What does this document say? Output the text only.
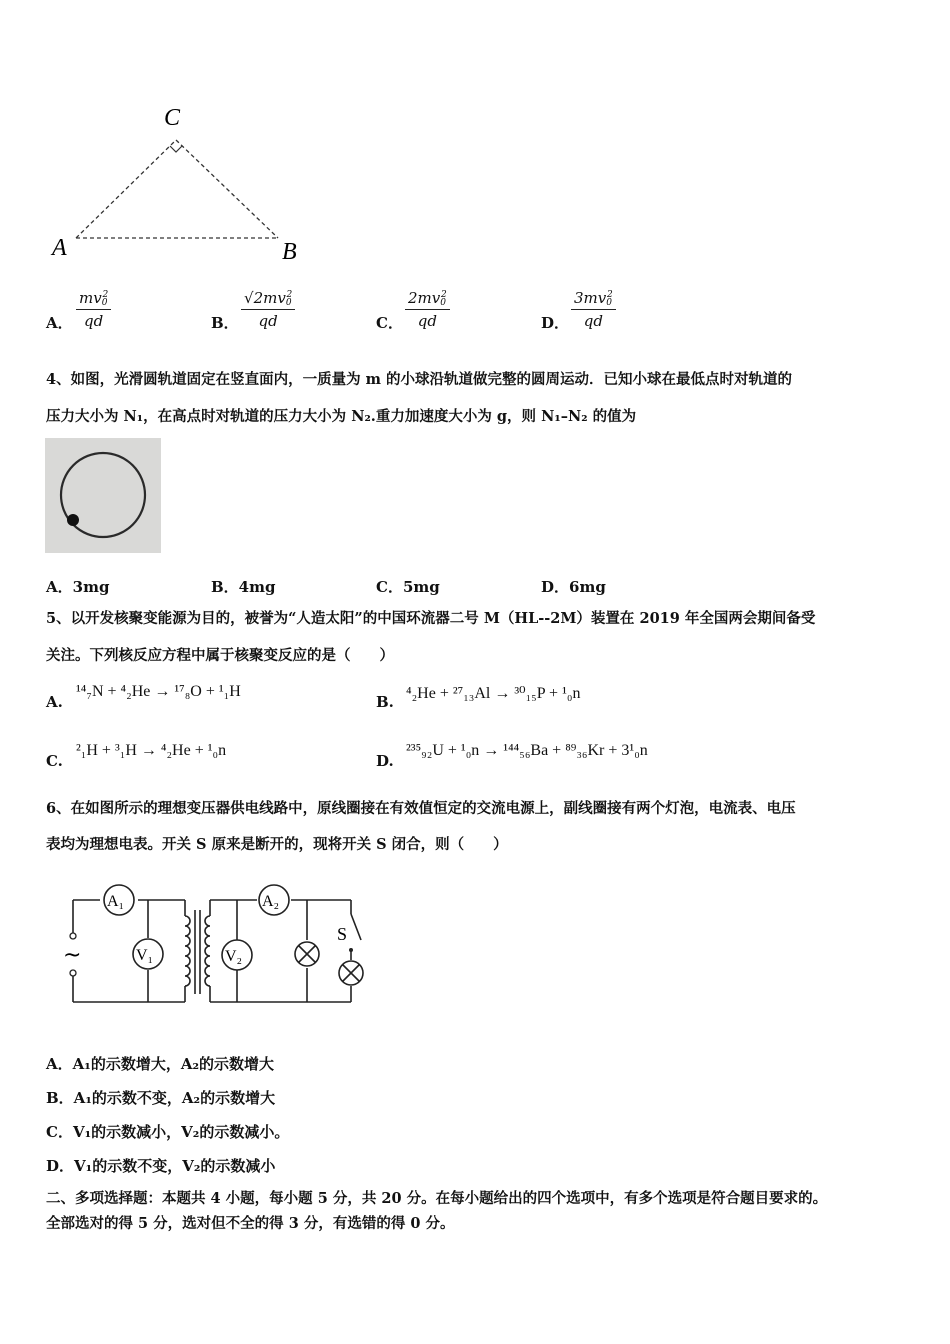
C
A	B
A． $\frac{mv_0^2}{qd}$	B． $\frac{√2mv_0^2}{qd}$	C． $\frac{2mv_0^2}{qd}$	D． $\frac{3mv_0^2}{qd}$
4、如图，光滑圆轨道固定在竖直面内，一质量为 m 的小球沿轨道做完整的圆周运动．已知小球在最低点时对轨道的
压力大小为 N₁，在高点时对轨道的压力大小为 N₂.重力加速度大小为 g，则 N₁–N₂ 的值为
A．3mg	B．4mg	C．5mg	D．6mg
5、以开发核聚变能源为目的，被誉为“人造太阳”的中国环流器二号 M（HL--2M）装置在 2019 年全国两会期间备受
关注。下列核反应方程中属于核聚变反应的是（　　）
A.
¹⁴₇N + ⁴₂He → ¹⁷₈O + ¹₁H
B. ⁴₂He + ²⁷₁₃Al → ³⁰₁₅P + ¹₀n
C.
²₁H + ³₁H → ⁴₂He + ¹₀n
D.
²³⁵₉₂U + ¹₀n → ¹⁴⁴₅₆Ba + ⁸⁹₃₆Kr + 3¹₀n
6、在如图所示的理想变压器供电线路中，原线圈接在有效值恒定的交流电源上，副线圈接有两个灯泡，电流表、电压
表均为理想电表。开关 S 原来是断开的，现将开关 S 闭合，则（　　）
~
A₁
V₁
A₂
V₂
S
A．A₁的示数增大，A₂的示数增大
B．A₁的示数不变，A₂的示数增大
C．V₁的示数减小，V₂的示数减小。
D．V₁的示数不变，V₂的示数减小
二、多项选择题：本题共 4 小题，每小题 5 分，共 20 分。在每小题给出的四个选项中，有多个选项是符合题目要求的。
全部选对的得 5 分，选对但不全的得 3 分，有选错的得 0 分。
